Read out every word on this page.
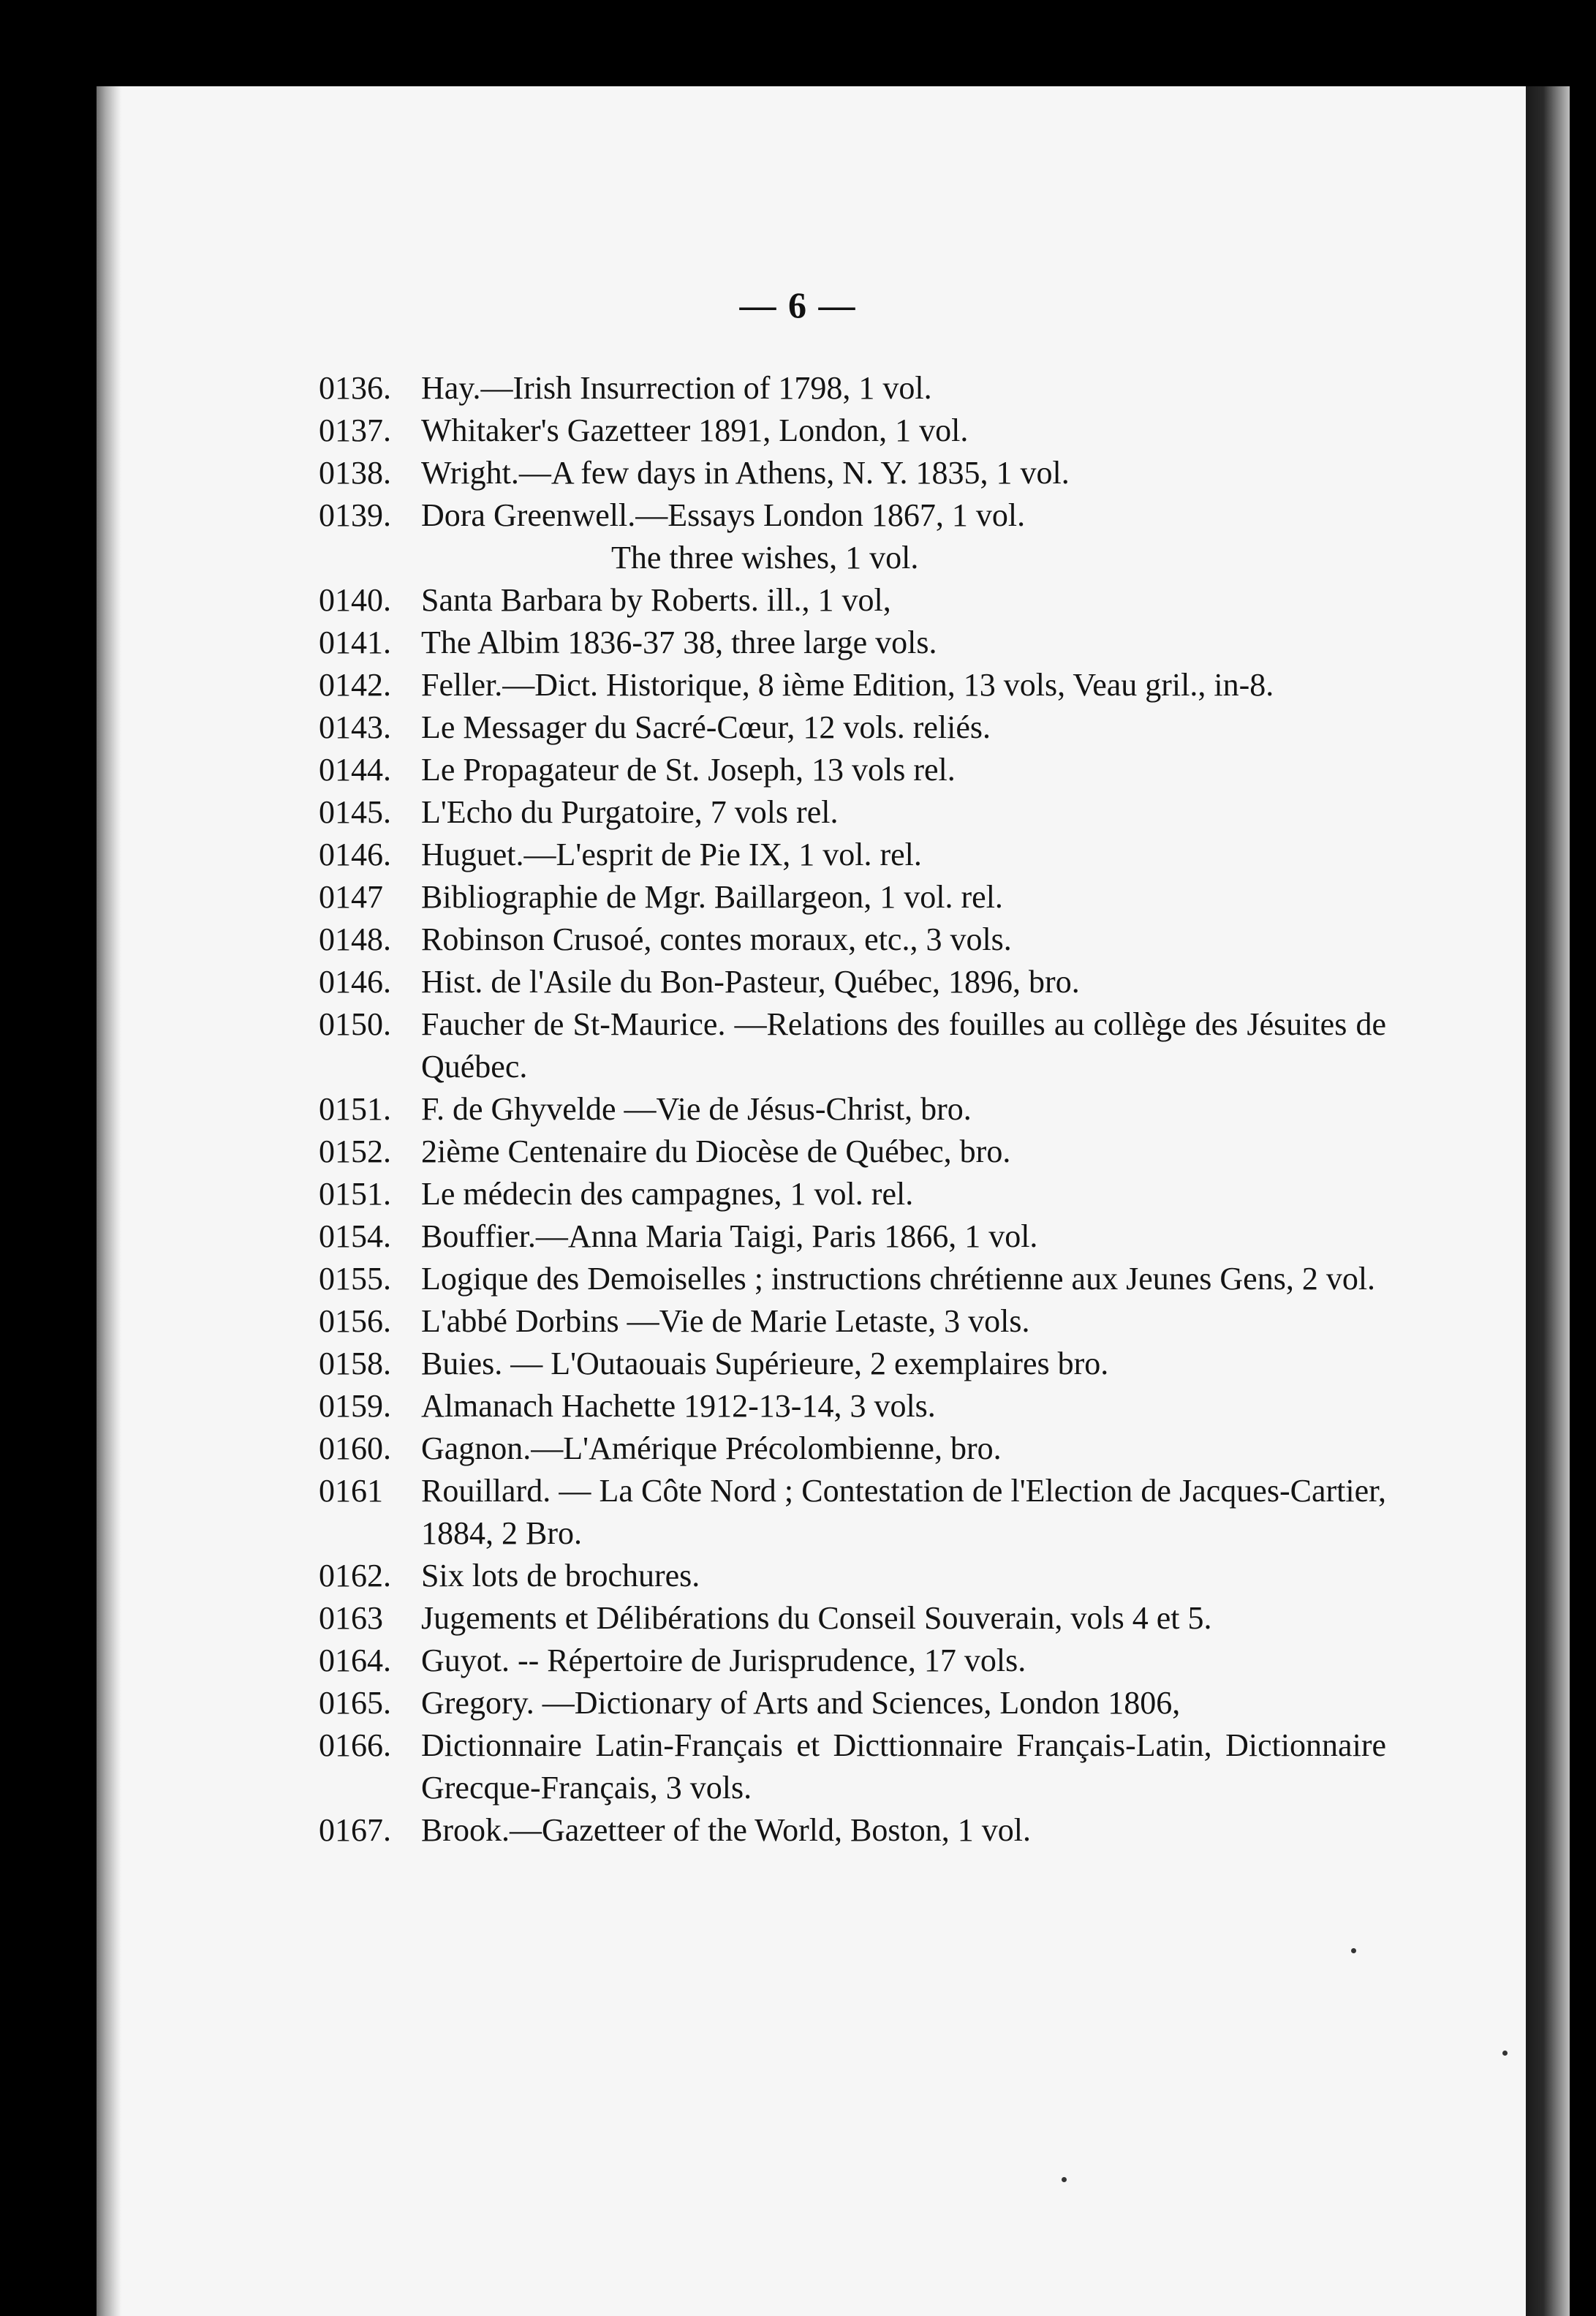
— 6 —
0136. Hay.—Irish Insurrection of 1798, 1 vol.
0137. Whitaker's Gazetteer 1891, London, 1 vol.
0138. Wright.—A few days in Athens, N. Y. 1835, 1 vol.
0139. Dora Greenwell.—Essays London 1867, 1 vol.
The three wishes, 1 vol.
0140. Santa Barbara by Roberts. ill., 1 vol,
0141. The Albim 1836-37 38, three large vols.
0142. Feller.—Dict. Historique, 8 ième Edition, 13 vols, Veau gril., in-8.
0143. Le Messager du Sacré-Cœur, 12 vols. reliés.
0144. Le Propagateur de St. Joseph, 13 vols rel.
0145. L'Echo du Purgatoire, 7 vols rel.
0146. Huguet.—L'esprit de Pie IX, 1 vol. rel.
0147 Bibliographie de Mgr. Baillargeon, 1 vol. rel.
0148. Robinson Crusoé, contes moraux, etc., 3 vols.
0146. Hist. de l'Asile du Bon-Pasteur, Québec, 1896, bro.
0150. Faucher de St-Maurice. —Relations des fouilles au collège des Jésuites de Québec.
0151. F. de Ghyvelde —Vie de Jésus-Christ, bro.
0152. 2ième Centenaire du Diocèse de Québec, bro.
0151. Le médecin des campagnes, 1 vol. rel.
0154. Bouffier.—Anna Maria Taigi, Paris 1866, 1 vol.
0155. Logique des Demoiselles ; instructions chrétienne aux Jeunes Gens, 2 vol.
0156. L'abbé Dorbins —Vie de Marie Letaste, 3 vols.
0158. Buies. — L'Outaouais Supérieure, 2 exemplaires bro.
0159. Almanach Hachette 1912-13-14, 3 vols.
0160. Gagnon.—L'Amérique Précolombienne, bro.
0161 Rouillard. — La Côte Nord ; Contestation de l'Election de Jacques-Cartier, 1884, 2 Bro.
0162. Six lots de brochures.
0163 Jugements et Délibérations du Conseil Souverain, vols 4 et 5.
0164. Guyot. -- Répertoire de Jurisprudence, 17 vols.
0165. Gregory. —Dictionary of Arts and Sciences, London 1806,
0166. Dictionnaire Latin-Français et Dicttionnaire Français-Latin, Dictionnaire Grecque-Français, 3 vols.
0167. Brook.—Gazetteer of the World, Boston, 1 vol.
